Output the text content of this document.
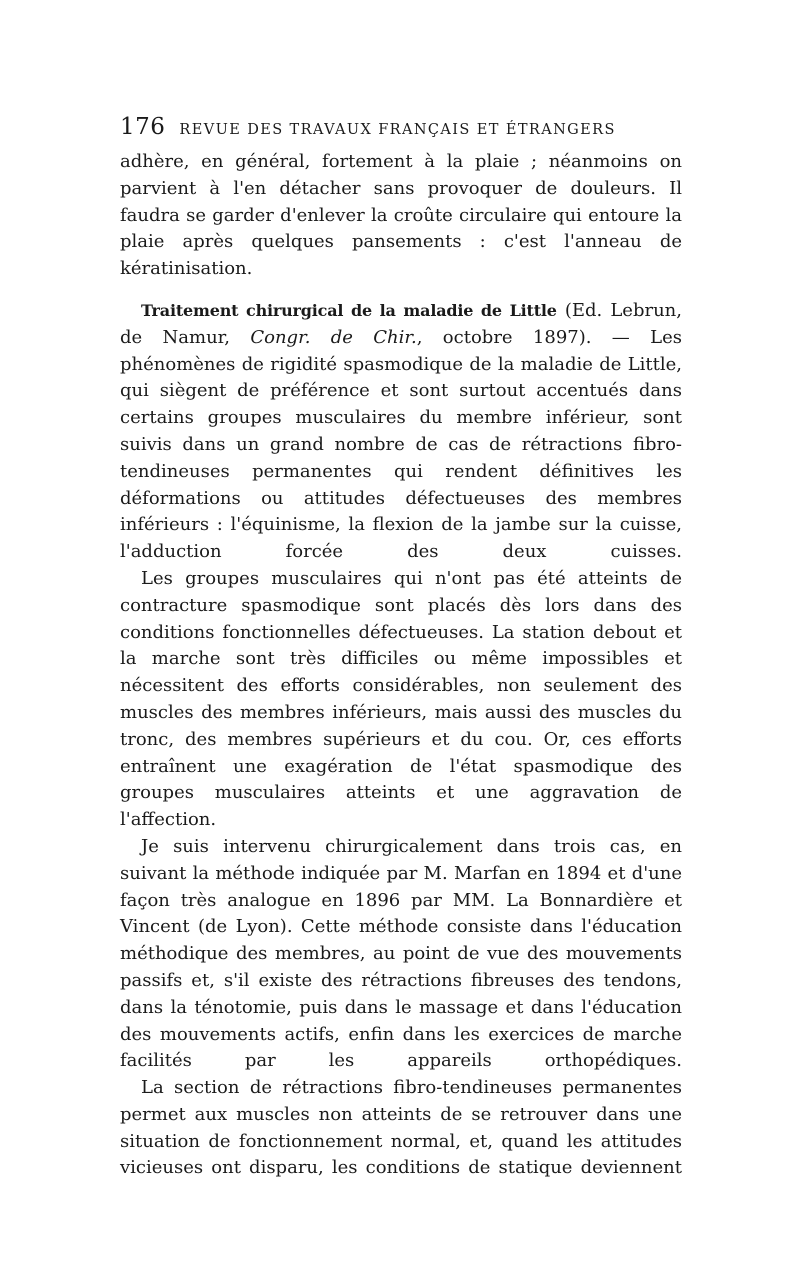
176 REVUE DES TRAVAUX FRANÇAIS ET ÉTRANGERS

adhère, en général, fortement à la plaie ; néanmoins on parvient à l'en détacher sans provoquer de douleurs. Il faudra se garder d'enlever la croûte circulaire qui entoure la plaie après quelques pansements : c'est l'anneau de kératinisation.

Traitement chirurgical de la maladie de Little (Ed. Lebrun, de Namur, Congr. de Chir., octobre 1897). — Les phénomènes de rigidité spasmodique de la maladie de Little, qui siègent de préférence et sont surtout accentués dans certains groupes musculaires du membre inférieur, sont suivis dans un grand nombre de cas de rétractions fibro-tendineuses permanentes qui rendent définitives les déformations ou attitudes défectueuses des membres inférieurs : l'équinisme, la flexion de la jambe sur la cuisse, l'adduction forcée des deux cuisses.

Les groupes musculaires qui n'ont pas été atteints de contracture spasmodique sont placés dès lors dans des conditions fonctionnelles défectueuses. La station debout et la marche sont très difficiles ou même impossibles et nécessitent des efforts considérables, non seulement des muscles des membres inférieurs, mais aussi des muscles du tronc, des membres supérieurs et du cou. Or, ces efforts entraînent une exagération de l'état spasmodique des groupes musculaires atteints et une aggravation de l'affection.

Je suis intervenu chirurgicalement dans trois cas, en suivant la méthode indiquée par M. Marfan en 1894 et d'une façon très analogue en 1896 par MM. La Bonnardière et Vincent (de Lyon). Cette méthode consiste dans l'éducation méthodique des membres, au point de vue des mouvements passifs et, s'il existe des rétractions fibreuses des tendons, dans la ténotomie, puis dans le massage et dans l'éducation des mouvements actifs, enfin dans les exercices de marche facilités par les appareils orthopédiques.

La section de rétractions fibro-tendineuses permanentes permet aux muscles non atteints de se retrouver dans une situation de fonctionnement normal, et, quand les attitudes vicieuses ont disparu, les conditions de statique deviennent
